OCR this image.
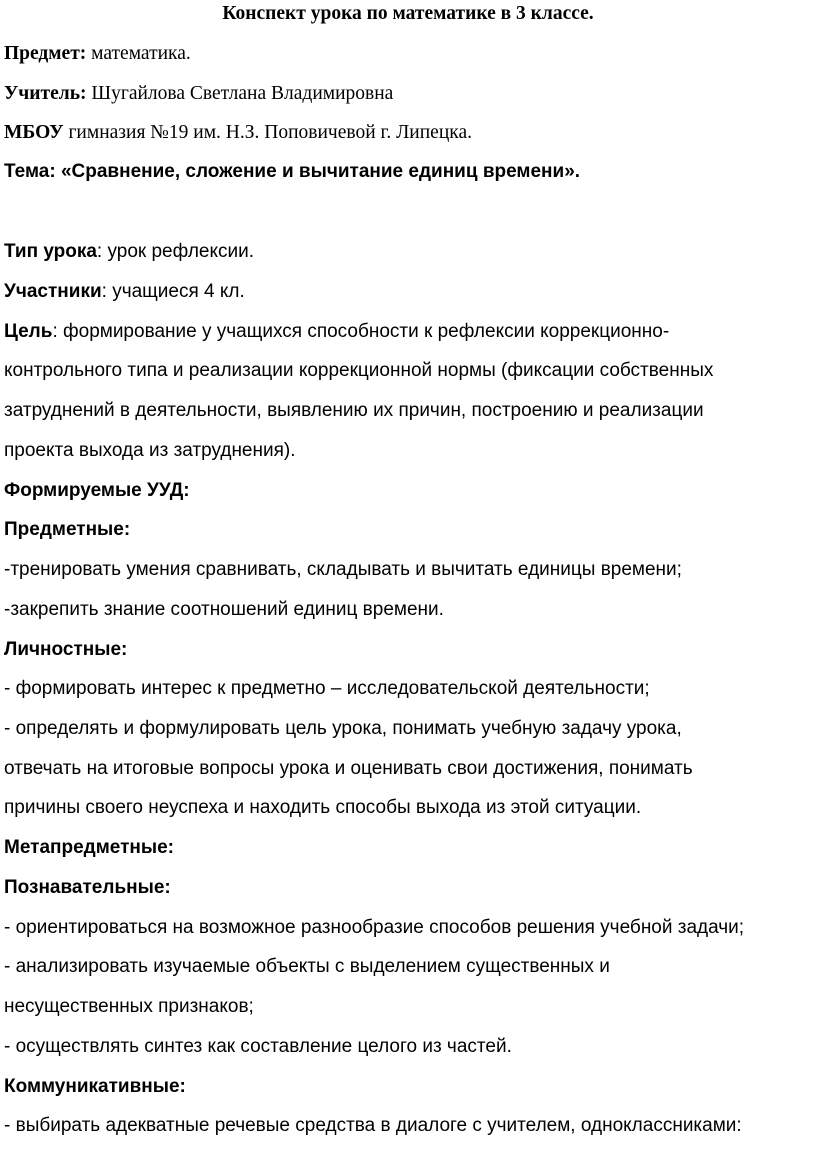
Конспект урока по математике в 3 классе.
Предмет: математика.
Учитель: Шугайлова Светлана Владимировна
МБОУ гимназия №19 им. Н.З. Поповичевой г. Липецка.
Тема: «Сравнение, сложение и вычитание единиц времени».
Тип урока: урок рефлексии.
Участники: учащиеся 4 кл.
Цель: формирование у учащихся способности к рефлексии коррекционно-
контрольного типа и реализации коррекционной нормы (фиксации собственных
затруднений в деятельности, выявлению их причин, построению и реализации
проекта выхода из затруднения).
Формируемые УУД:
Предметные:
-тренировать умения сравнивать, складывать и вычитать единицы времени;
-закрепить знание соотношений единиц времени.
Личностные:
- формировать интерес к предметно – исследовательской деятельности;
- определять и формулировать цель урока, понимать учебную задачу урока,
отвечать на итоговые вопросы урока и оценивать свои достижения, понимать
причины своего неуспеха и находить способы выхода из этой ситуации.
Метапредметные:
Познавательные:
- ориентироваться на возможное разнообразие способов решения учебной задачи;
- анализировать изучаемые объекты с выделением существенных и
несущественных признаков;
- осуществлять синтез как составление целого из частей.
Коммуникативные:
- выбирать адекватные речевые средства в диалоге с учителем, одноклассниками:
